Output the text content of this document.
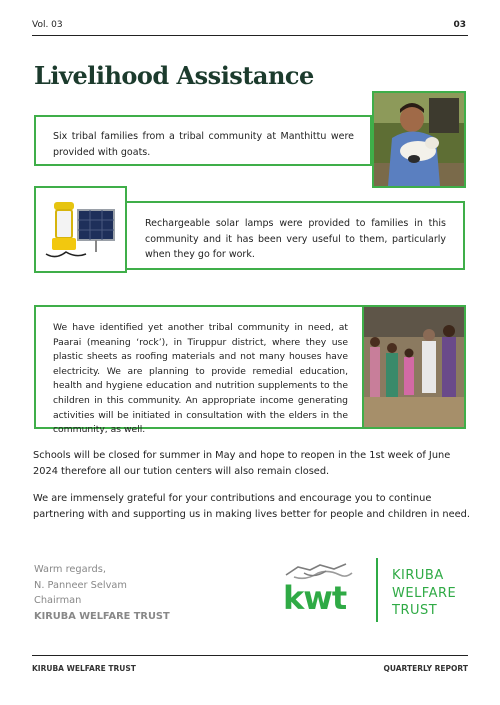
Vol. 03	03
Livelihood Assistance

Six tribal families from a tribal community at Manthittu were provided with goats.

Rechargeable solar lamps were provided to families in this community and it has been very useful to them, particularly when they go for work.

We have identified yet another tribal community in need, at Paarai (meaning ‘rock’), in Tiruppur district, where they use plastic sheets as roofing materials and not many houses have electricity. We are planning to provide remedial education, health and hygiene education and nutrition supplements to the children in this community. An appropriate income generating activities will be initiated in consultation with the elders in the community, as well.

Schools will be closed for summer in May and hope to reopen in the 1st week of June 2024 therefore all our tution centers will also remain closed.

We are immensely grateful for your contributions and encourage you to continue partnering with and supporting us in making lives better for people and children in need.

Warm regards,
N. Panneer Selvam
Chairman
KIRUBA WELFARE TRUST	kwt
KIRUBA
WELFARE
TRUST
KIRUBA WELFARE TRUST	QUARTERLY REPORT
